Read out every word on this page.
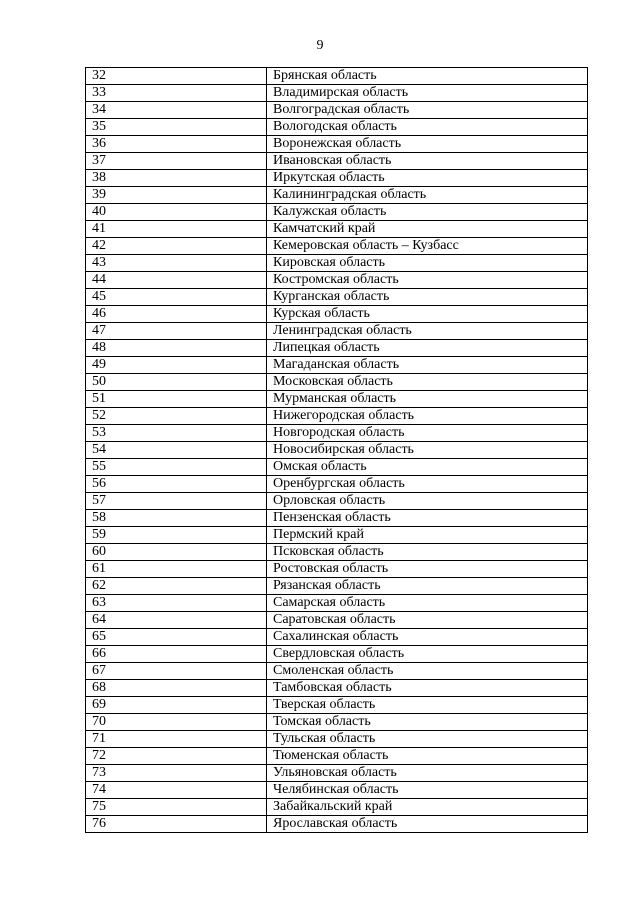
9
32	Брянская область
33	Владимирская область
34	Волгоградская область
35	Вологодская область
36	Воронежская область
37	Ивановская область
38	Иркутская область
39	Калининградская область
40	Калужская область
41	Камчатский край
42	Кемеровская область – Кузбасс
43	Кировская область
44	Костромская область
45	Курганская область
46	Курская область
47	Ленинградская область
48	Липецкая область
49	Магаданская область
50	Московская область
51	Мурманская область
52	Нижегородская область
53	Новгородская область
54	Новосибирская область
55	Омская область
56	Оренбургская область
57	Орловская область
58	Пензенская область
59	Пермский край
60	Псковская область
61	Ростовская область
62	Рязанская область
63	Самарская область
64	Саратовская область
65	Сахалинская область
66	Свердловская область
67	Смоленская область
68	Тамбовская область
69	Тверская область
70	Томская область
71	Тульская область
72	Тюменская область
73	Ульяновская область
74	Челябинская область
75	Забайкальский край
76	Ярославская область
